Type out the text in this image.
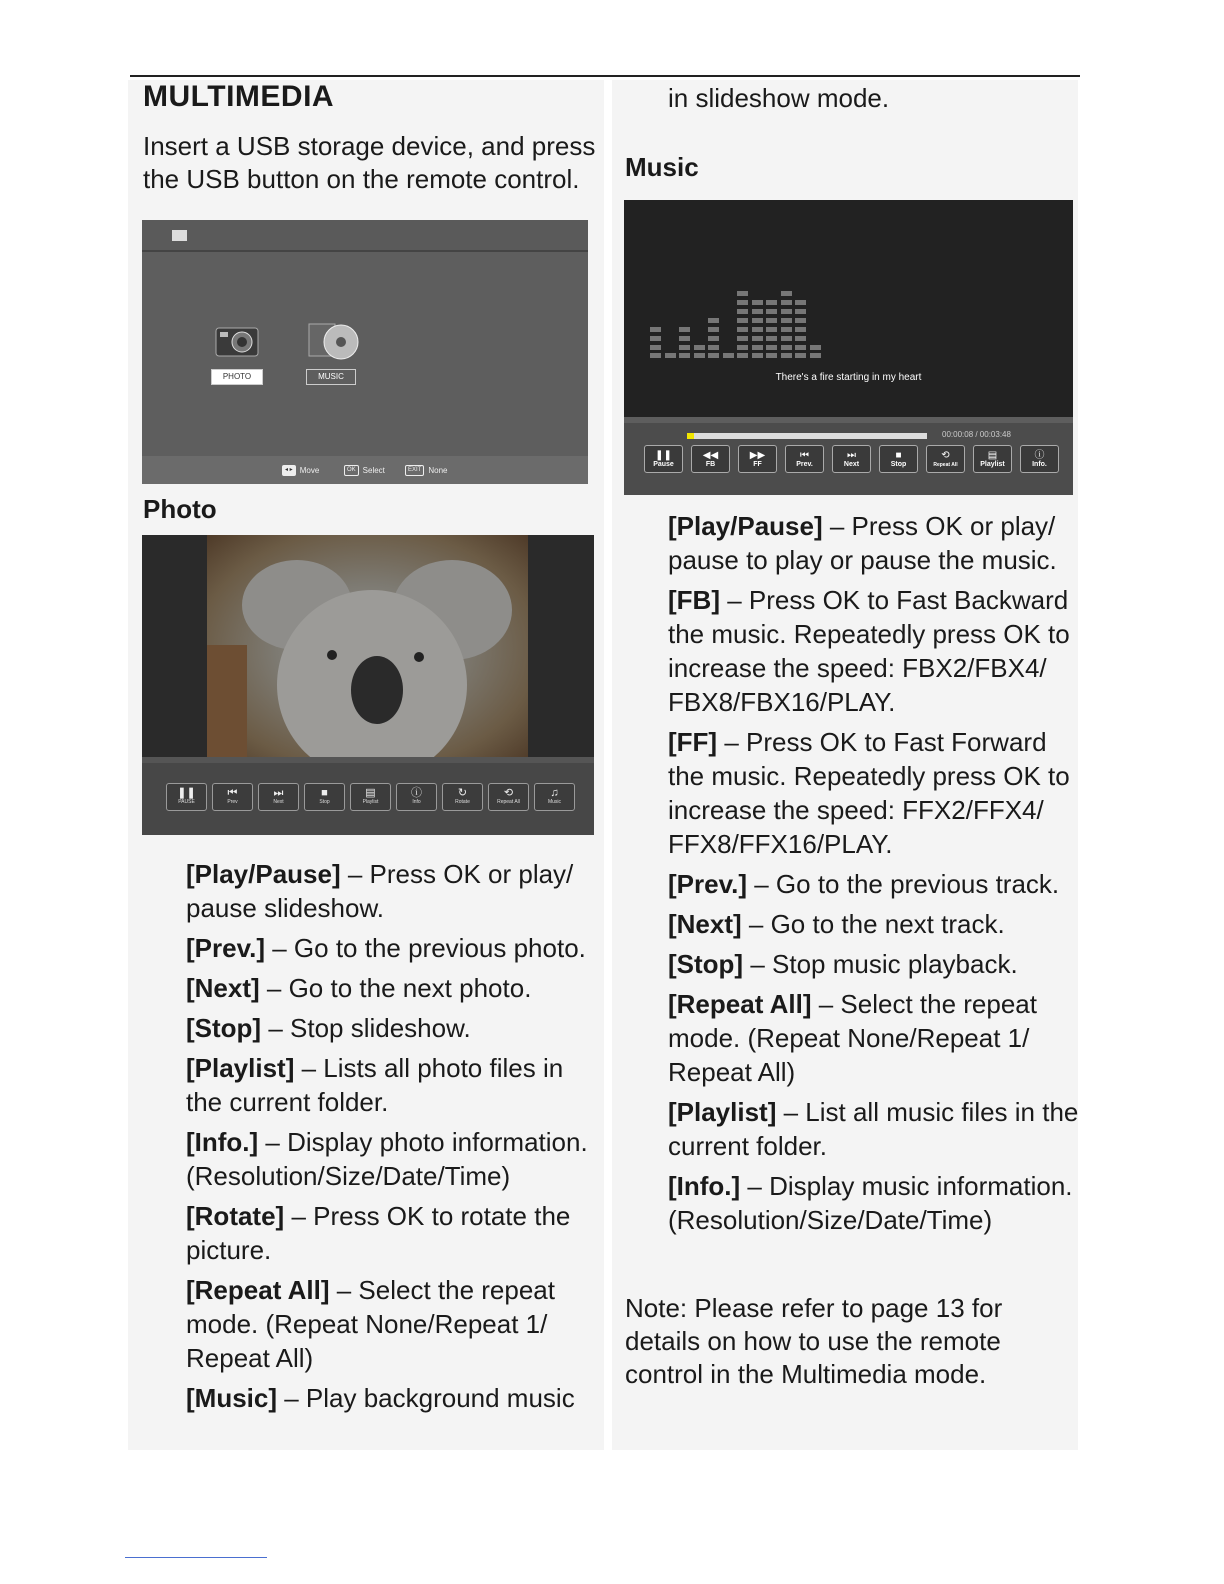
MULTIMEDIA
Insert a USB storage device, and press the USB button on the remote control.
in slideshow mode.
PHOTO	MUSIC
◂ ▸ Move	OK Select	EXIT None
Photo
❚❚
PAUSE
⏮
Prev
⏭
Next
■
Stop
▤
Playlist
ⓘ
Info
↻
Rotate
⟲
Repeat All
♫
Music

[Play/Pause] – Press OK or play/ pause slideshow.

[Prev.] – Go to the previous photo.

[Next] – Go to the next photo.

[Stop] – Stop slideshow.

[Playlist] – Lists all photo files in the current folder.

[Info.] – Display photo information. (Resolution/Size/Date/Time)

[Rotate] – Press OK to rotate the picture.

[Repeat All] – Select the repeat mode. (Repeat None/Repeat 1/ Repeat All)

[Music] – Play background music

Music
There's a fire starting in my heart
00:00:08 / 00:03:48
❚❚
Pause
◀◀
FB
▶▶
FF
⏮
Prev.
⏭
Next
■
Stop
⟲
Repeat All
▤
Playlist
ⓘ
Info.

[Play/Pause] – Press OK or play/ pause to play or pause the music.

[FB] – Press OK to Fast Backward the music. Repeatedly press OK to increase the speed: FBX2/FBX4/ FBX8/FBX16/PLAY.

[FF] – Press OK to Fast Forward the music. Repeatedly press OK to increase the speed: FFX2/FFX4/ FFX8/FFX16/PLAY.

[Prev.] – Go to the previous track.

[Next] – Go to the next track.

[Stop] – Stop music playback.

[Repeat All] – Select the repeat mode. (Repeat None/Repeat 1/ Repeat All)

[Playlist] – List all music files in the current folder.

[Info.] – Display music information. (Resolution/Size/Date/Time)

Note: Please refer to page 13 for details on how to use the remote control in the Multimedia mode.
